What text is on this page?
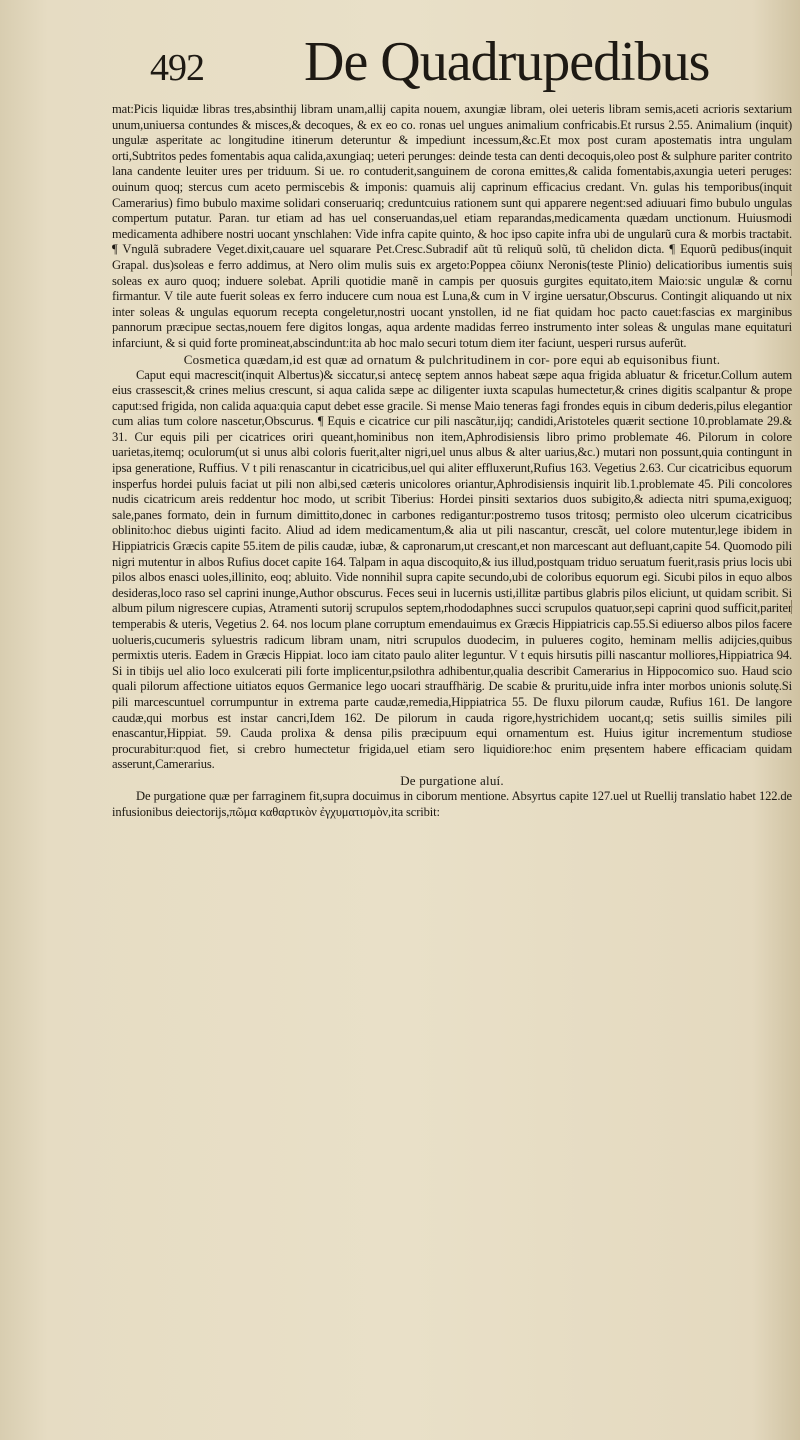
492 De Quadrupedibus

mat:Picis liquidæ libras tres,absinthij libram unam,allij capita nouem, axungiæ libram, olei ueteris libram semis,aceti acrioris sextarium unum,uniuersa contundes & misces,& decoques, & ex eo co. ronas uel ungues animalium confricabis.Et rursus 2.55. Animalium (inquit) ungulæ asperitate ac longitudine itinerum deteruntur & impediunt incessum,&c.Et mox post curam apostematis intra ungulam orti,Subtritos pedes fomentabis aqua calida,axungiaq; ueteri perunges: deinde testa can denti decoquis,oleo post & sulphure pariter contrito lana candente leuiter ures per triduum. Si ue. ro contuderit,sanguinem de corona emittes,& calida fomentabis,axungia ueteri peruges: ouinum quoq; stercus cum aceto permiscebis & imponis: quamuis alij caprinum efficacius credant. Vn. gulas his temporibus(inquit Camerarius) fimo bubulo maxime solidari conseruariq; creduntcuius rationem sunt qui apparere negent:sed adiuuari fimo bubulo ungulas compertum putatur. Paran. tur etiam ad has uel conseruandas,uel etiam reparandas,medicamenta quædam unctionum. Huiusmodi medicamenta adhibere nostri uocant ynschlahen: Vide infra capite quinto, & hoc ipso capite infra ubi de ungularũ cura & morbis tractabit. ¶ Vngulã subradere Veget.dixit,cauare uel squarare Pet.Cresc.Subradif aũt tũ reliquũ solũ, tũ chelidon dicta. ¶ Equorũ pedibus(inquit Grapal. dus)soleas e ferro addimus, at Nero olim mulis suis ex argeto:Poppea cõiunx Neronis(teste Plinio) delicatioribus iumentis suis soleas ex auro quoq; induere solebat. Aprili quotidie manẽ in campis per quosuis gurgites equitato,item Maio:sic ungulæ & cornu firmantur. V tile aute fuerit soleas ex ferro inducere cum noua est Luna,& cum in V irgine uersatur,Obscurus. Contingit aliquando ut nix inter soleas & ungulas equorum recepta congeletur,nostri uocant ynstollen, id ne fiat quidam hoc pacto cauet:fascias ex marginibus pannorum præcipue sectas,nouem fere digitos longas, aqua ardente madidas ferreo instrumento inter soleas & ungulas mane equitaturi infarciunt, & si quid forte promineat,abscindunt:ita ab hoc malo securi totum diem iter faciunt, uesperi rursus auferũt.

Cosmetica quædam,id est quæ ad ornatum & pulchritudinem in cor- pore equi ab equisonibus fiunt.

Caput equi macrescit(inquit Albertus)& siccatur,si antecę septem annos habeat sæpe aqua frigida abluatur & fricetur.Collum autem eius crassescit,& crines melius crescunt, si aqua calida sæpe ac diligenter iuxta scapulas humectetur,& crines digitis scalpantur & prope caput:sed frigida, non calida aqua:quia caput debet esse gracile. Si mense Maio teneras fagi frondes equis in cibum dederis,pilus elegantior cum alias tum colore nascetur,Obscurus. ¶ Equis e cicatrice cur pili nascãtur,ijq; candidi,Aristoteles quærit sectione 10.problamate 29.& 31. Cur equis pili per cicatrices oriri queant,hominibus non item,Aphrodisiensis libro primo problemate 46. Pilorum in colore uarietas,itemq; oculorum(ut si unus albi coloris fuerit,alter nigri,uel unus albus & alter uarius,&c.) mutari non possunt,quia contingunt in ipsa generatione, Ruffius. V t pili renascantur in cicatricibus,uel qui aliter effluxerunt,Rufius 163. Vegetius 2.63. Cur cicatricibus equorum insperfus hordei puluis faciat ut pili non albi,sed cæteris unicolores oriantur,Aphrodisiensis inquirit lib.1.problemate 45. Pili concolores nudis cicatricum areis reddentur hoc modo, ut scribit Tiberius: Hordei pinsiti sextarios duos subigito,& adiecta nitri spuma,exiguoq; sale,panes formato, dein in furnum dimittito,donec in carbones redigantur:postremo tusos tritosq; permisto oleo ulcerum cicatricibus oblinito:hoc diebus uiginti facito. Aliud ad idem medicamentum,& alia ut pili nascantur, crescãt, uel colore mutentur,lege ibidem in Hippiatricis Græcis capite 55.item de pilis caudæ, iubæ, & capronarum,ut crescant,et non marcescant aut defluant,capite 54. Quomodo pili nigri mutentur in albos Rufius docet capite 164. Talpam in aqua discoquito,& ius illud,postquam triduo seruatum fuerit,rasis prius locis ubi pilos albos enasci uoles,illinito, eoq; abluito. Vide nonnihil supra capite secundo,ubi de coloribus equorum egi. Sicubi pilos in equo albos desideras,loco raso sel caprini inunge,Author obscurus. Feces seui in lucernis usti,illitæ partibus glabris pilos eliciunt, ut quidam scribit. Si album pilum nigrescere cupias, Atramenti sutorij scrupulos septem,rhododaphnes succi scrupulos quatuor,sepi caprini quod sufficit,pariter temperabis & uteris, Vegetius 2. 64. nos locum plane corruptum emendauimus ex Græcis Hippiatricis cap.55.Si ediuerso albos pilos facere uolueris,cucumeris syluestris radicum libram unam, nitri scrupulos duodecim, in pulueres cogito, heminam mellis adijcies,quibus permixtis uteris. Eadem in Græcis Hippiat. loco iam citato paulo aliter leguntur. V t equis hirsutis pilli nascantur molliores,Hippiatrica 94. Si in tibijs uel alio loco exulcerati pili forte implicentur,psilothra adhibentur,qualia describit Camerarius in Hippocomico suo. Haud scio quali pilorum affectione uitiatos equos Germanice lego uocari strauffhärig. De scabie & pruritu,uide infra inter morbos unionis solutę.Si pili marcescuntuel corrumpuntur in extrema parte caudæ,remedia,Hippiatrica 55. De fluxu pilorum caudæ, Rufius 161. De langore caudæ,qui morbus est instar cancri,Idem 162. De pilorum in cauda rigore,hystrichidem uocant,q; setis suillis similes pili enascantur,Hippiat. 59. Cauda prolixa & densa pilis præcipuum equi ornamentum est. Huius igitur incrementum studiose procurabitur:quod fiet, si crebro humectetur frigida,uel etiam sero liquidiore:hoc enim pręsentem habere efficaciam quidam asserunt,Camerarius.

De purgatione aluí.

De purgatione quæ per farraginem fit,supra docuimus in ciborum mentione. Absyrtus capite 127.uel ut Ruellij translatio habet 122.de infusionibus deiectorijs,πῶμα καθαρτικὸν ἐγχυματισμὸν,ita scribit:
